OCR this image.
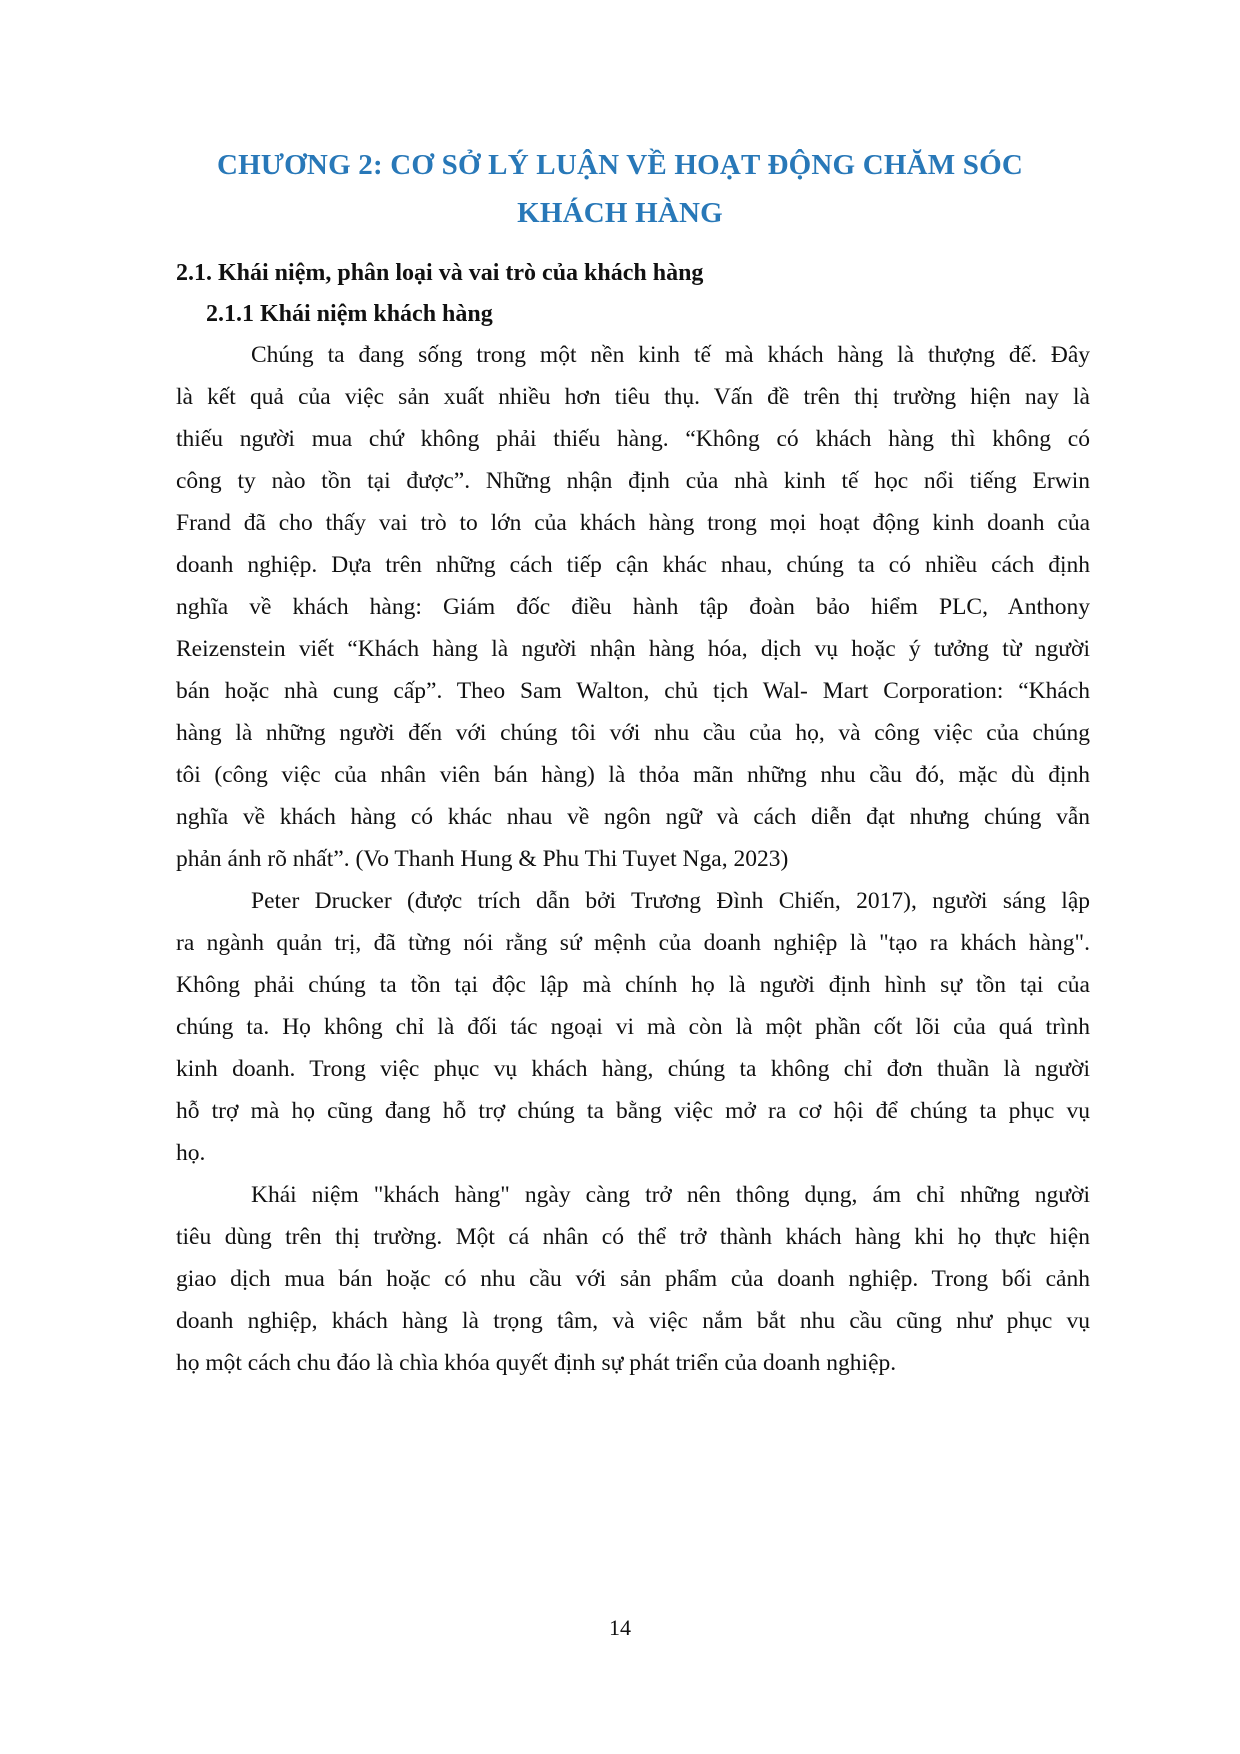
CHƯƠNG 2: CƠ SỞ LÝ LUẬN VỀ HOẠT ĐỘNG CHĂM SÓC
KHÁCH HÀNG
2.1. Khái niệm, phân loại và vai trò của khách hàng
2.1.1 Khái niệm khách hàng
Chúng ta đang sống trong một nền kinh tế mà khách hàng là thượng đế. Đây
là kết quả của việc sản xuất nhiều hơn tiêu thụ. Vấn đề trên thị trường hiện nay là
thiếu người mua chứ không phải thiếu hàng. “Không có khách hàng thì không có
công ty nào tồn tại được”. Những nhận định của nhà kinh tế học nổi tiếng Erwin
Frand đã cho thấy vai trò to lớn của khách hàng trong mọi hoạt động kinh doanh của
doanh nghiệp. Dựa trên những cách tiếp cận khác nhau, chúng ta có nhiều cách định
nghĩa về khách hàng: Giám đốc điều hành tập đoàn bảo hiểm PLC, Anthony
Reizenstein viết “Khách hàng là người nhận hàng hóa, dịch vụ hoặc ý tưởng từ người
bán hoặc nhà cung cấp”. Theo Sam Walton, chủ tịch Wal- Mart Corporation: “Khách
hàng là những người đến với chúng tôi với nhu cầu của họ, và công việc của chúng
tôi (công việc của nhân viên bán hàng) là thỏa mãn những nhu cầu đó, mặc dù định
nghĩa về khách hàng có khác nhau về ngôn ngữ và cách diễn đạt nhưng chúng vẫn
phản ánh rõ nhất”. (Vo Thanh Hung & Phu Thi Tuyet Nga, 2023)
Peter Drucker (được trích dẫn bởi Trương Đình Chiến, 2017), người sáng lập
ra ngành quản trị, đã từng nói rằng sứ mệnh của doanh nghiệp là "tạo ra khách hàng".
Không phải chúng ta tồn tại độc lập mà chính họ là người định hình sự tồn tại của
chúng ta. Họ không chỉ là đối tác ngoại vi mà còn là một phần cốt lõi của quá trình
kinh doanh. Trong việc phục vụ khách hàng, chúng ta không chỉ đơn thuần là người
hỗ trợ mà họ cũng đang hỗ trợ chúng ta bằng việc mở ra cơ hội để chúng ta phục vụ
họ.
Khái niệm "khách hàng" ngày càng trở nên thông dụng, ám chỉ những người
tiêu dùng trên thị trường. Một cá nhân có thể trở thành khách hàng khi họ thực hiện
giao dịch mua bán hoặc có nhu cầu với sản phẩm của doanh nghiệp. Trong bối cảnh
doanh nghiệp, khách hàng là trọng tâm, và việc nắm bắt nhu cầu cũng như phục vụ
họ một cách chu đáo là chìa khóa quyết định sự phát triển của doanh nghiệp.
14
